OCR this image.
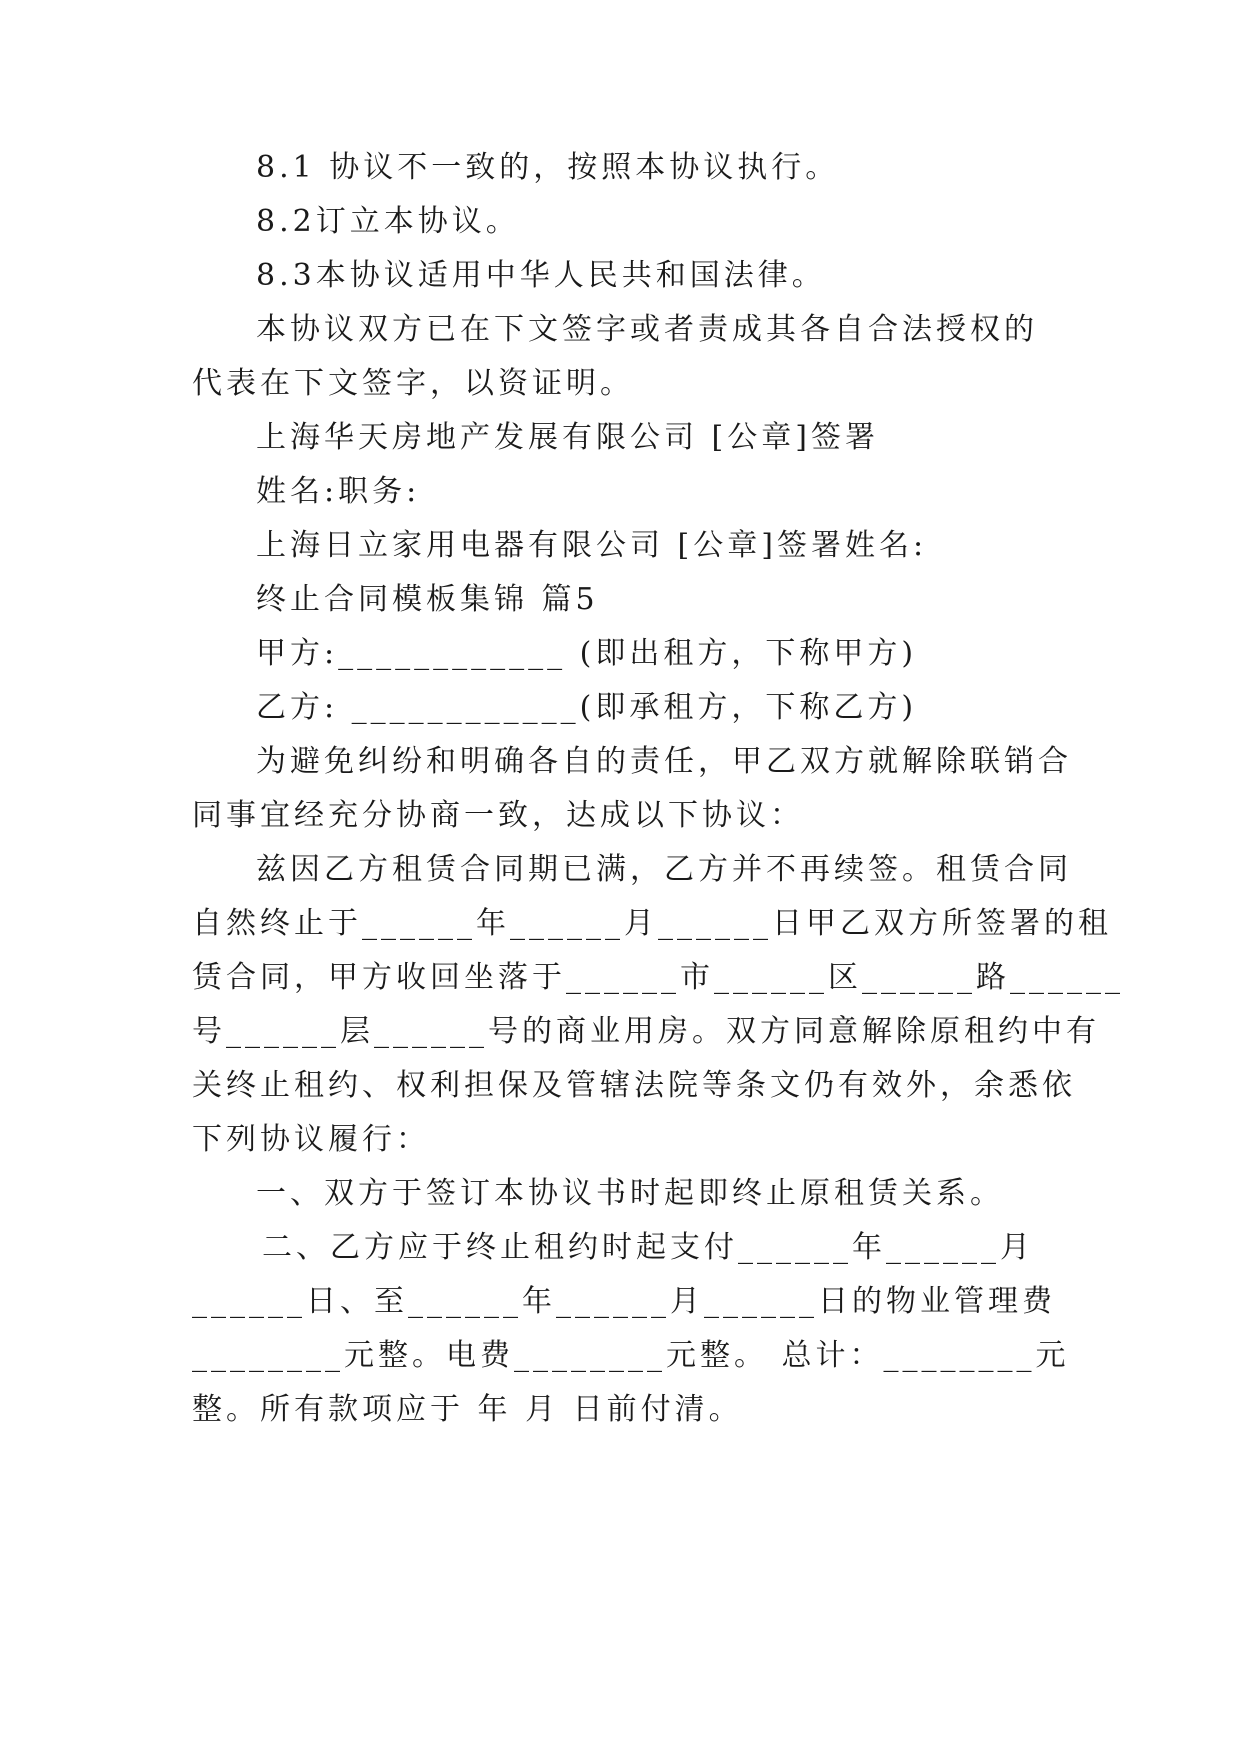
8.1 协议不一致的，按照本协议执行。
8.2订立本协议。
8.3本协议适用中华人民共和国法律。
本协议双方已在下文签字或者责成其各自合法授权的
代表在下文签字，以资证明。
上海华天房地产发展有限公司 [公章]签署
姓名:职务:
上海日立家用电器有限公司 [公章]签署姓名:
终止合同模板集锦 篇5
甲方:____________ (即出租方，下称甲方)
乙方: ____________(即承租方，下称乙方)
为避免纠纷和明确各自的责任，甲乙双方就解除联销合
同事宜经充分协商一致，达成以下协议：
兹因乙方租赁合同期已满，乙方并不再续签。租赁合同
自然终止于______年______月______日甲乙双方所签署的租
赁合同，甲方收回坐落于______市______区______路______
号______层______号的商业用房。双方同意解除原租约中有
关终止租约、权利担保及管辖法院等条文仍有效外，余悉依
下列协议履行：
一、双方于签订本协议书时起即终止原租赁关系。
二、乙方应于终止租约时起支付______年______月
______日、至______年______月______日的物业管理费
________元整。电费________元整。 总计：________元
整。所有款项应于 年 月 日前付清。
